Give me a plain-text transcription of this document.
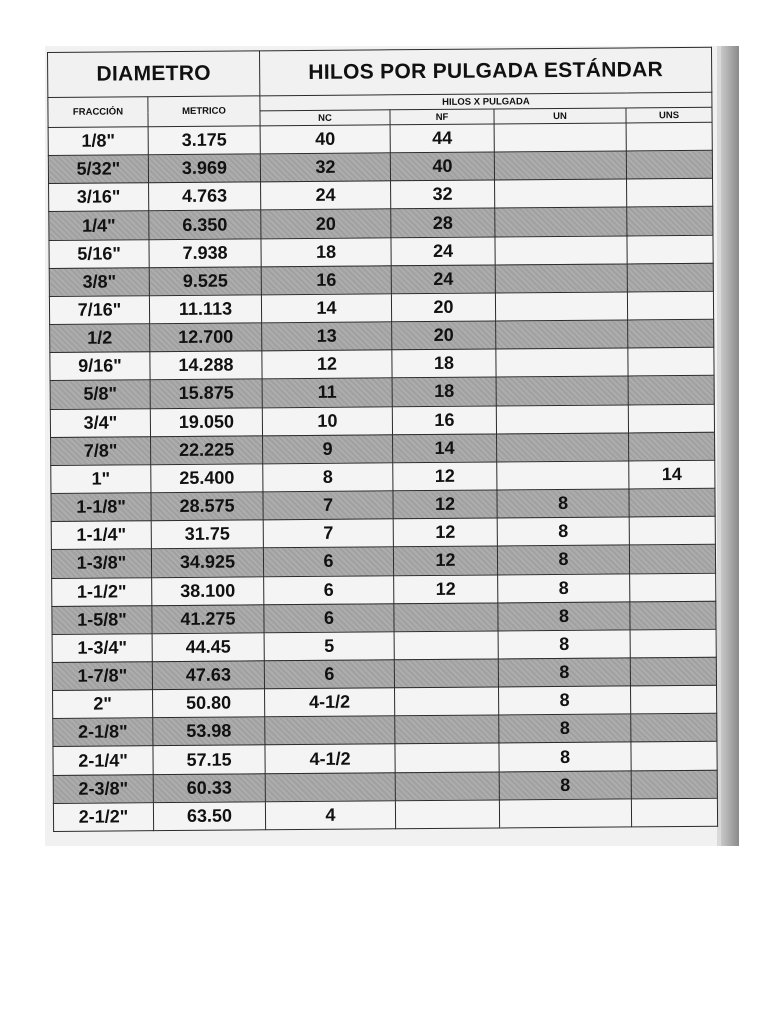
DIAMETRO		HILOS POR PULGADA ESTÁNDAR			
FRACCIÓN	METRICO	HILOS X PULGADA			
		NC	NF	UN	UNS
1/8"	3.175	40	44		
5/32"	3.969	32	40		
3/16"	4.763	24	32		
1/4"	6.350	20	28		
5/16"	7.938	18	24		
3/8"	9.525	16	24		
7/16"	11.113	14	20		
1/2	12.700	13	20		
9/16"	14.288	12	18		
5/8"	15.875	11	18		
3/4"	19.050	10	16		
7/8"	22.225	9	14		
1"	25.400	8	12		14
1-1/8"	28.575	7	12	8	
1-1/4"	31.75	7	12	8	
1-3/8"	34.925	6	12	8	
1-1/2"	38.100	6	12	8	
1-5/8"	41.275	6		8	
1-3/4"	44.45	5		8	
1-7/8"	47.63	6		8	
2"	50.80	4-1/2		8	
2-1/8"	53.98			8	
2-1/4"	57.15	4-1/2		8	
2-3/8"	60.33			8	
2-1/2"	63.50	4			
